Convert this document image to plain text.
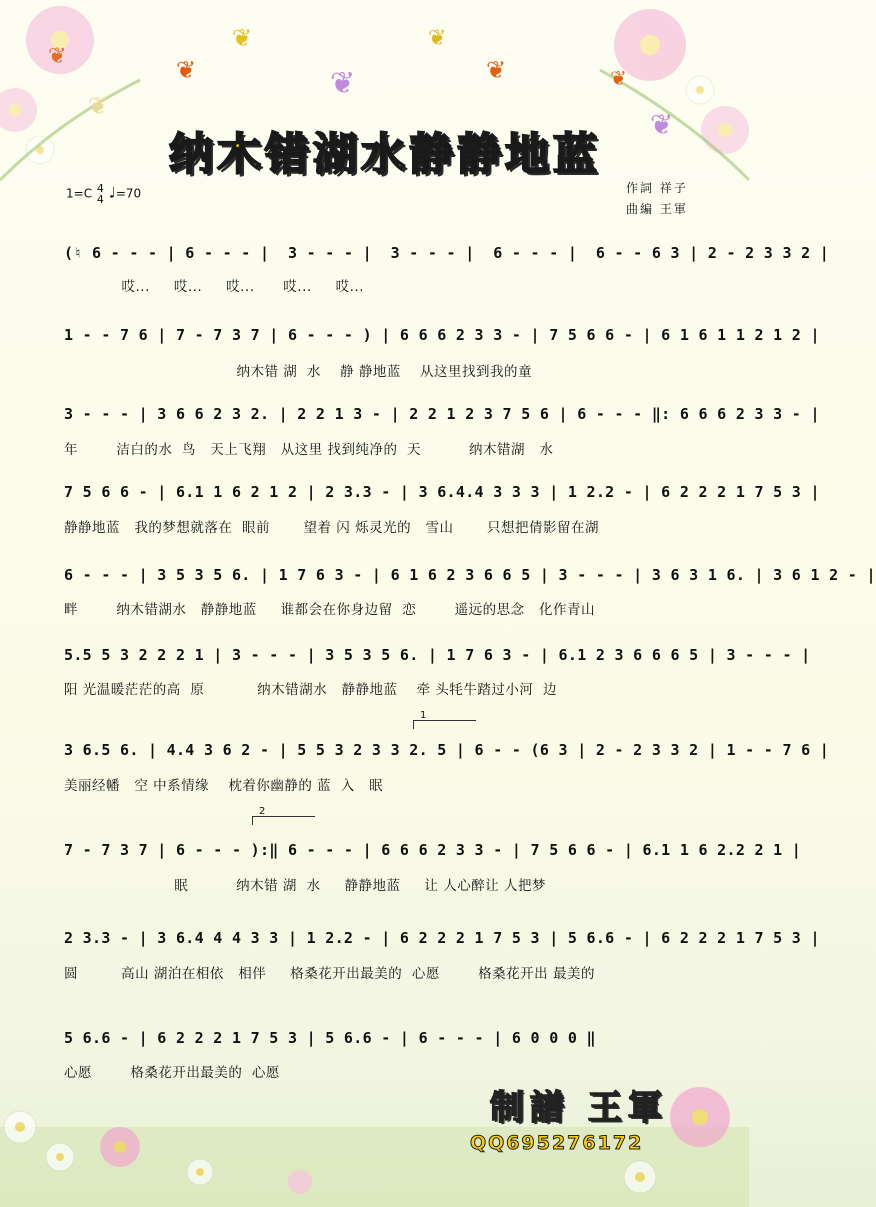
❦	❦
❦
❦
❦
❦	❦
❦
❦
纳木错湖水静静地蓝
1=C 4
4 ♩=70	作詞 祥子
曲編 王軍
(♮ 6 - - - | 6 - - - |  3 - - - |  3 - - - |  6 - - - |  6 - - 6 3 | 2 - 2 3 3 2 |
哎...     哎...     哎...      哎...     哎...
1 - - 7 6 | 7 - 7 3 7 | 6 - - - ) | 6 6 6 2 3 3 - | 7 5 6 6 - | 6 1 6 1 1 2 1 2 |
纳木错 湖  水    静 静地蓝    从这里找到我的童
3 - - - | 3 6 6 2 3 2. | 2 2 1 3 - | 2 2 1 2 3 7 5 6 | 6 - - - ‖: 6 6 6 2 3 3 - |
年        洁白的水  鸟   天上飞翔   从这里 找到纯净的  天          纳木错湖   水
7 5 6 6 - | 6.1 1 6 2 1 2 | 2 3.3 - | 3 6.4.4 3 3 3 | 1 2.2 - | 6 2 2 2 1 7 5 3 |
静静地蓝   我的梦想就落在  眼前       望着 闪 烁灵光的   雪山       只想把倩影留在湖
6 - - - | 3 5 3 5 6. | 1 7 6 3 - | 6 1 6 2 3 6 6 5 | 3 - - - | 3 6 3 1 6. | 3 6 1 2 - |
畔        纳木错湖水   静静地蓝     谁都会在你身边留  恋        遥远的思念   化作青山
5.5 5 3 2 2 2 1 | 3 - - - | 3 5 3 5 6. | 1 7 6 3 - | 6.1 2 3 6 6 6 5 | 3 - - - |
阳 光温暖茫茫的高  原           纳木错湖水   静静地蓝    牵 头牦牛踏过小河  边
1
3 6.5 6. | 4.4 3 6 2 - | 5 5 3 2 3 3 2. 5 | 6 - - (6 3 | 2 - 2 3 3 2 | 1 - - 7 6 |
美丽经幡   空 中系情缘    枕着你幽静的 蓝  入   眠
2
7 - 7 3 7 | 6 - - - ):‖ 6 - - - | 6 6 6 2 3 3 - | 7 5 6 6 - | 6.1 1 6 2.2 2 1 |
眠          纳木错 湖  水     静静地蓝     让 人心醉让 人把梦
2 3.3 - | 3 6.4 4 4 3 3 | 1 2.2 - | 6 2 2 2 1 7 5 3 | 5 6.6 - | 6 2 2 2 1 7 5 3 |
圆         高山 湖泊在相依   相伴     格桑花开出最美的  心愿        格桑花开出 最美的
5 6.6 - | 6 2 2 2 1 7 5 3 | 5 6.6 - | 6 - - - | 6 0 0 0 ‖
心愿        格桑花开出最美的  心愿
制譜 王軍
QQ695276172
